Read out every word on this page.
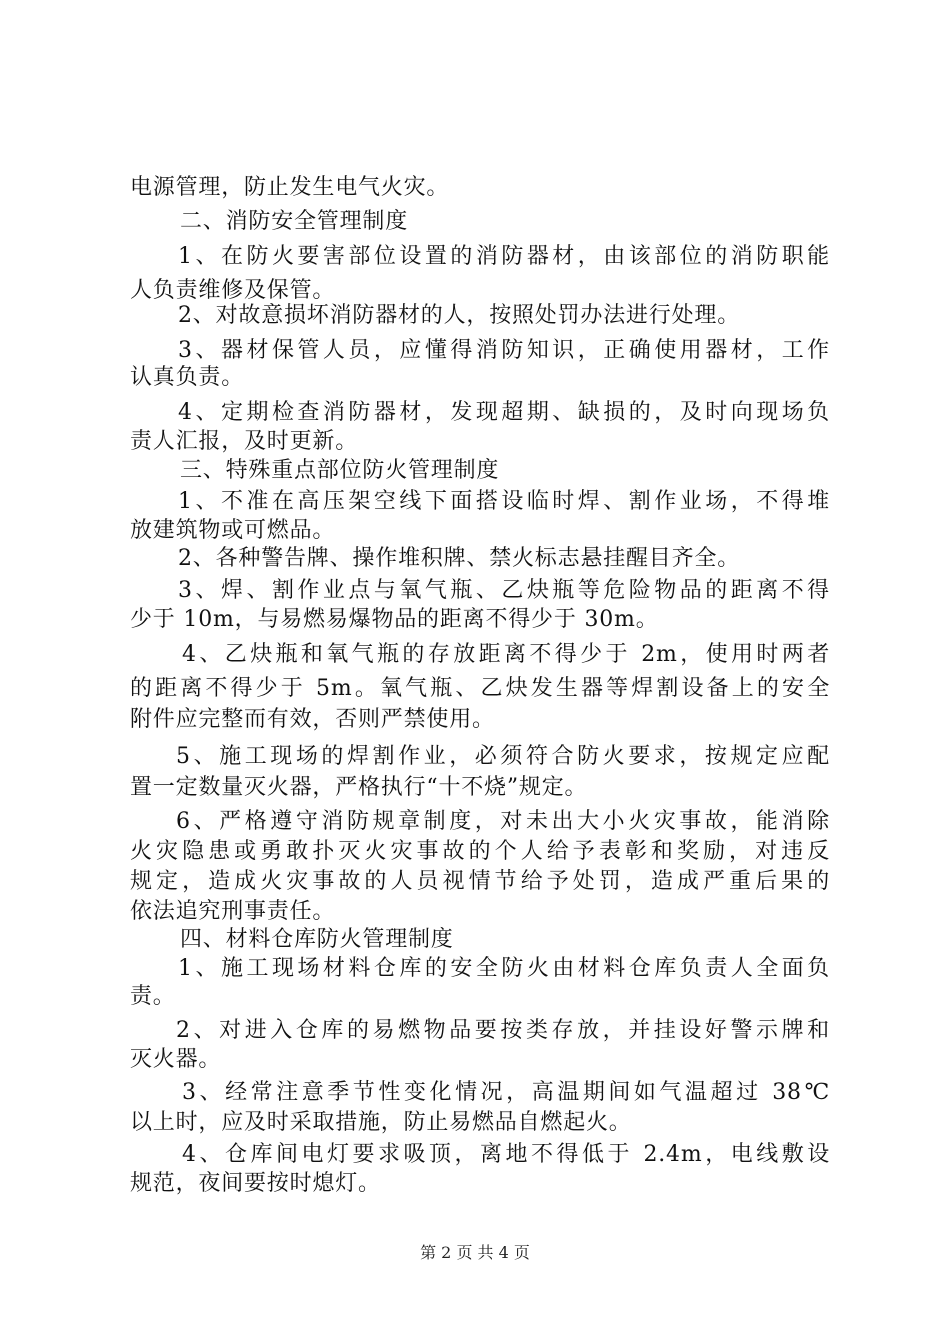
电源管理，防止发生电气火灾。
二、消防安全管理制度
1、在防火要害部位设置的消防器材，由该部位的消防职能
人负责维修及保管。
2、对故意损坏消防器材的人，按照处罚办法进行处理。
3、器材保管人员，应懂得消防知识，正确使用器材，工作
认真负责。
4、定期检查消防器材，发现超期、缺损的，及时向现场负
责人汇报，及时更新。
三、特殊重点部位防火管理制度
1、不准在高压架空线下面搭设临时焊、割作业场，不得堆
放建筑物或可燃品。
2、各种警告牌、操作堆积牌、禁火标志悬挂醒目齐全。
3、焊、割作业点与氧气瓶、乙炔瓶等危险物品的距离不得
少于 10m，与易燃易爆物品的距离不得少于 30m。
4、乙炔瓶和氧气瓶的存放距离不得少于 2m，使用时两者
的距离不得少于 5m。氧气瓶、乙炔发生器等焊割设备上的安全
附件应完整而有效，否则严禁使用。
5、施工现场的焊割作业，必须符合防火要求，按规定应配
置一定数量灭火器，严格执行“十不烧”规定。
6、严格遵守消防规章制度，对未出大小火灾事故，能消除
火灾隐患或勇敢扑灭火灾事故的个人给予表彰和奖励，对违反
规定，造成火灾事故的人员视情节给予处罚，造成严重后果的
依法追究刑事责任。
四、材料仓库防火管理制度
1、施工现场材料仓库的安全防火由材料仓库负责人全面负
责。
2、对进入仓库的易燃物品要按类存放，并挂设好警示牌和
灭火器。
3、经常注意季节性变化情况，高温期间如气温超过 38℃
以上时，应及时采取措施，防止易燃品自燃起火。
4、仓库间电灯要求吸顶，离地不得低于 2.4m，电线敷设
规范，夜间要按时熄灯。
第 2 页 共 4 页
